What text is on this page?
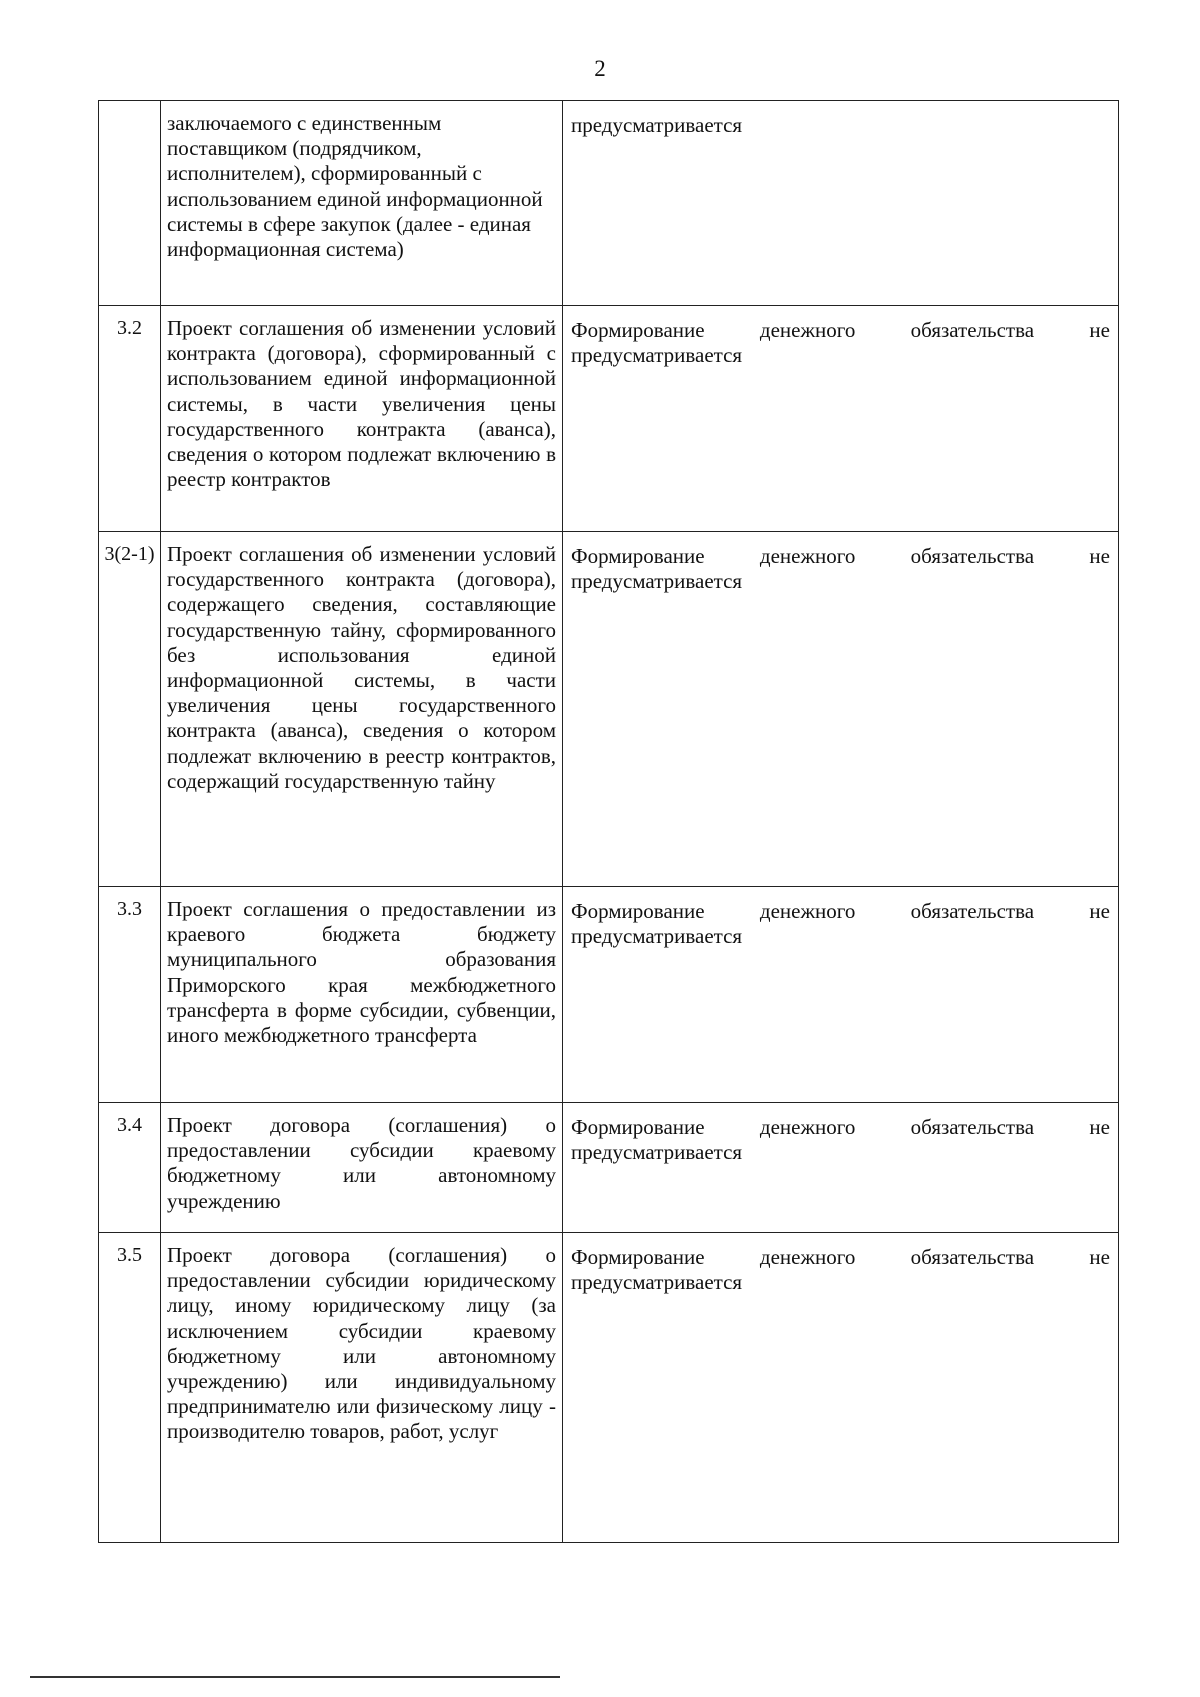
2

	заключаемого с единственным поставщиком (подрядчиком, исполнителем), сформированный с использованием единой информационной системы в сфере закупок (далее - единая информационная система)	предусматривается

3.2	Проект соглашения об изменении условий контракта (договора), сформированный с использованием единой информационной системы, в части увеличения цены государственного контракта (аванса), сведения о котором подлежат включению в реестр контрактов	Формирование денежного обязательства не предусматривается

3(2-1)	Проект соглашения об изменении условий государственного контракта (договора), содержащего сведения, составляющие государственную тайну, сформированного без использования единой информационной системы, в части увеличения цены государственного контракта (аванса), сведения о котором подлежат включению в реестр контрактов, содержащий государственную тайну	Формирование денежного обязательства не предусматривается

3.3	Проект соглашения о предоставлении из краевого бюджета бюджету муниципального образования Приморского края межбюджетного трансферта в форме субсидии, субвенции, иного межбюджетного трансферта	Формирование денежного обязательства не предусматривается

3.4	Проект договора (соглашения) о предоставлении субсидии краевому бюджетному или автономному учреждению	Формирование денежного обязательства не предусматривается

3.5	Проект договора (соглашения) о предоставлении субсидии юридическому лицу, иному юридическому лицу (за исключением субсидии краевому бюджетному или автономному учреждению) или индивидуальному предпринимателю или физическому лицу - производителю товаров, работ, услуг	Формирование денежного обязательства не предусматривается
